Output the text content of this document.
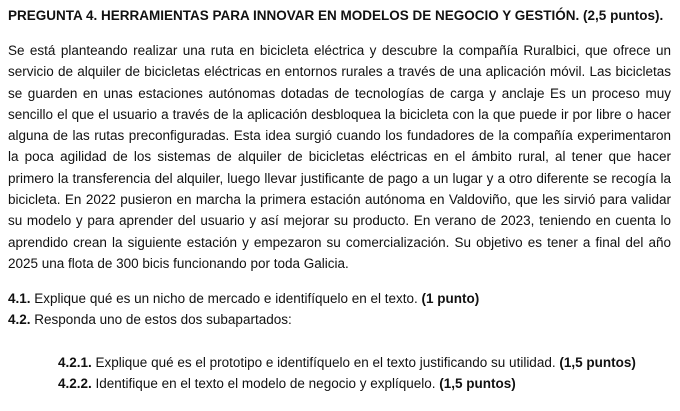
PREGUNTA 4. HERRAMIENTAS PARA INNOVAR EN MODELOS DE NEGOCIO Y GESTIÓN. (2,5 puntos).

Se está planteando realizar una ruta en bicicleta eléctrica y descubre la compañía Ruralbici, que ofrece un servicio de alquiler de bicicletas eléctricas en entornos rurales a través de una aplicación móvil. Las bicicletas se guarden en unas estaciones autónomas dotadas de tecnologías de carga y anclaje Es un proceso muy sencillo el que el usuario a través de la aplicación desbloquea la bicicleta con la que puede ir por libre o hacer alguna de las rutas preconfiguradas. Esta idea surgió cuando los fundadores de la compañía experimentaron la poca agilidad de los sistemas de alquiler de bicicletas eléctricas en el ámbito rural, al tener que hacer primero la transferencia del alquiler, luego llevar justificante de pago a un lugar y a otro diferente se recogía la bicicleta. En 2022 pusieron en marcha la primera estación autónoma en Valdoviño, que les sirvió para validar su modelo y para aprender del usuario y así mejorar su producto. En verano de 2023, teniendo en cuenta lo aprendido crean la siguiente estación y empezaron su comercialización. Su objetivo es tener a final del año 2025 una flota de 300 bicis funcionando por toda Galicia.

4.1. Explique qué es un nicho de mercado e identifíquelo en el texto. (1 punto)
4.2. Responda uno de estos dos subapartados:
4.2.1. Explique qué es el prototipo e identifíquelo en el texto justificando su utilidad. (1,5 puntos)
4.2.2. Identifique en el texto el modelo de negocio y explíquelo. (1,5 puntos)
